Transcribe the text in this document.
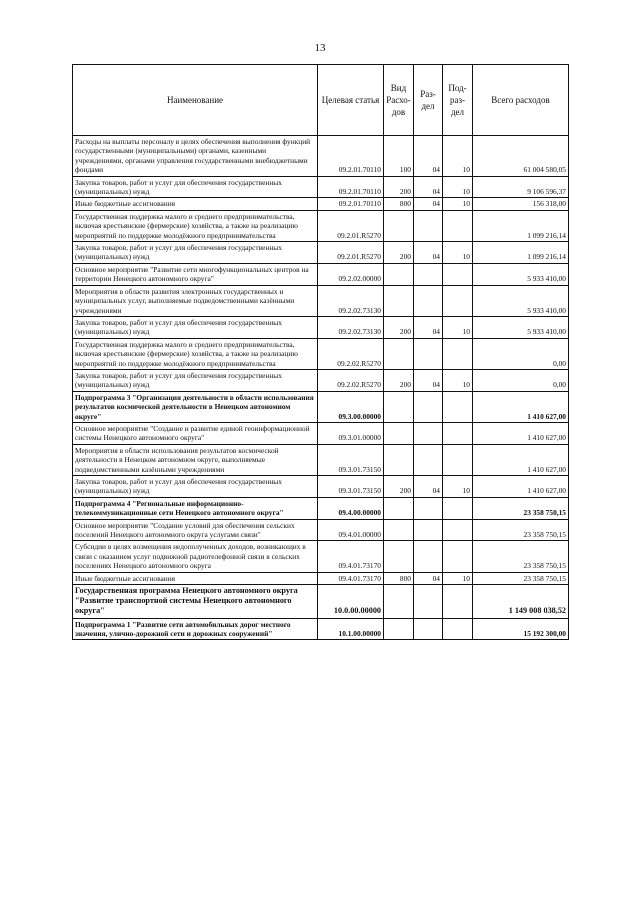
13
Наименование	Целевая статья	Вид Расхо-дов	Раз-дел	Под-раз-дел	Всего расходов
Расходы на выплаты персоналу в целях обеспечения выполнения функций государственными (муниципальными) органами, казенными учреждениями, органами управления государственными внебюджетными фондами	09.2.01.70110	100	04	10	61 004 580,05
Закупка товаров, работ и услуг для обеспечения государственных (муниципальных) нужд	09.2.01.70110	200	04	10	9 106 596,37
Иные бюджетные ассигнования	09.2.01.70110	800	04	10	156 318,00
Государственная поддержка малого и среднего предпринимательства, включая крестьянские (фермерские) хозяйства, а также на реализацию мероприятий по поддержке молодёжного предпринимательства	09.2.01.R5270				1 099 216,14
Закупка товаров, работ и услуг для обеспечения государственных (муниципальных) нужд	09.2.01.R5270	200	04	10	1 099 216,14
Основное мероприятие "Развитие сети многофункциональных центров на территории Ненецкого автономного округа"	09.2.02.00000				5 933 410,00
Мероприятия в области развития электронных государственных и муниципальных услуг, выполняемые подведомственными казёнными учреждениями	09.2.02.73130				5 933 410,00
Закупка товаров, работ и услуг для обеспечения государственных (муниципальных) нужд	09.2.02.73130	200	04	10	5 933 410,00
Государственная поддержка малого и среднего предпринимательства, включая крестьянские (фермерские) хозяйства, а также на реализацию мероприятий по поддержке молодёжного предпринимательства	09.2.02.R5270				0,00
Закупка товаров, работ и услуг для обеспечения государственных (муниципальных) нужд	09.2.02.R5270	200	04	10	0,00
Подпрограмма 3 "Организация деятельности в области использования результатов космической деятельности в Ненецком автономном округе"	09.3.00.00000				1 410 627,00
Основное мероприятие "Создание и развитие единой геоинформационной системы Ненецкого автономного округа"	09.3.01.00000				1 410 627,00
Мероприятия в области использования результатов космической деятельности в Ненецком автономном округе, выполняемые подведомственными казёнными учреждениями	09.3.01.73150				1 410 627,00
Закупка товаров, работ и услуг для обеспечения государственных (муниципальных) нужд	09.3.01.73150	200	04	10	1 410 627,00
Подпрограмма 4 "Региональные информационно-телекоммуникационные сети Ненецкого автономного округа"	09.4.00.00000				23 358 750,15
Основное мероприятие "Создание условий для обеспечения сельских поселений Ненецкого автономного округа услугами связи"	09.4.01.00000				23 358 750,15
Субсидии в целях возмещения недополученных доходов, возникающих в связи с оказанием услуг подвижной радиотелефонной связи в сельских поселениях Ненецкого автономного округа	09.4.01.73170				23 358 750,15
Иные бюджетные ассигнования	09.4.01.73170	800	04	10	23 358 750,15
Государственная программа Ненецкого автономного округа "Развитие транспортной системы Ненецкого автономного округа"	10.0.00.00000				1 149 008 038,52
Подпрограмма 1 "Развитие сети автомобильных дорог местного значения, улично-дорожной сети и дорожных сооружений"	10.1.00.00000				15 192 300,00
